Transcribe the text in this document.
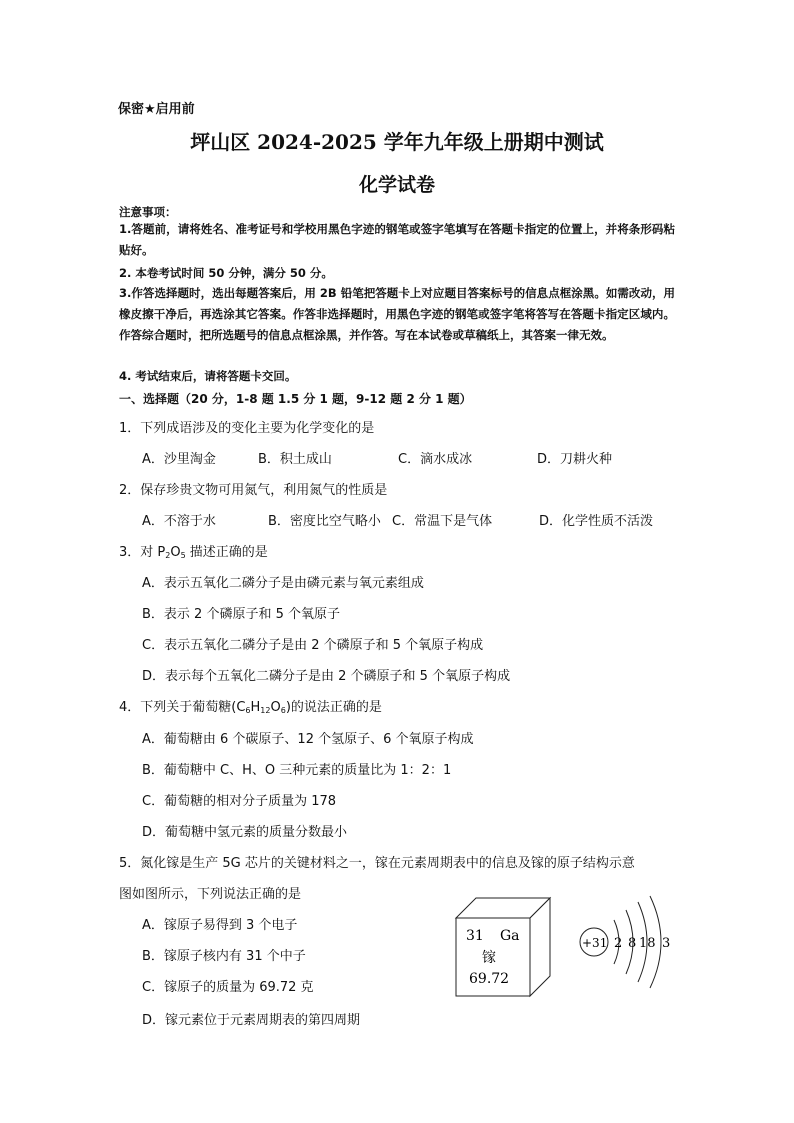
保密★启用前
坪山区 2024-2025 学年九年级上册期中测试
化学试卷
注意事项：
1.答题前，请将姓名、准考证号和学校用黑色字迹的钢笔或签字笔填写在答题卡指定的位置上，并将条形码粘贴好。
2. 本卷考试时间 50 分钟，满分 50 分。
3.作答选择题时，选出每题答案后，用 2B 铅笔把答题卡上对应题目答案标号的信息点框涂黑。如需改动，用橡皮擦干净后，再选涂其它答案。作答非选择题时，用黑色字迹的钢笔或签字笔将答写在答题卡指定区域内。作答综合题时，把所选题号的信息点框涂黑，并作答。写在本试卷或草稿纸上，其答案一律无效。
4. 考试结束后，请将答题卡交回。
一、选择题（20 分，1-8 题 1.5 分 1 题，9-12 题 2 分 1 题）
1．下列成语涉及的变化主要为化学变化的是
A．沙里淘金	B．积土成山	C．滴水成冰	D．刀耕火种
2．保存珍贵文物可用氮气，利用氮气的性质是
A．不溶于水	B．密度比空气略小 C．常温下是气体	D．化学性质不活泼
3．对 $P_2O_5$ 描述正确的是
A．表示五氧化二磷分子是由磷元素与氧元素组成
B．表示 2 个磷原子和 5 个氧原子
C．表示五氧化二磷分子是由 2 个磷原子和 5 个氧原子构成
D．表示每个五氧化二磷分子是由 2 个磷原子和 5 个氧原子构成
4．下列关于葡萄糖$(C_6H_{12}O_6)$的说法正确的是
A．葡萄糖由 6 个碳原子、12 个氢原子、6 个氧原子构成
B．葡萄糖中 C、H、O 三种元素的质量比为 1：2：1
C．葡萄糖的相对分子质量为 178
D．葡萄糖中氢元素的质量分数最小
5．氮化镓是生产 5G 芯片的关键材料之一，镓在元素周期表中的信息及镓的原子结构示意
图如图所示，下列说法正确的是
A．镓原子易得到 3 个电子
B．镓原子核内有 31 个中子
C．镓原子的质量为 69.72 克
D．镓元素位于元素周期表的第四周期
31 Ga
镓
69.72
+31 2 8 18 3
